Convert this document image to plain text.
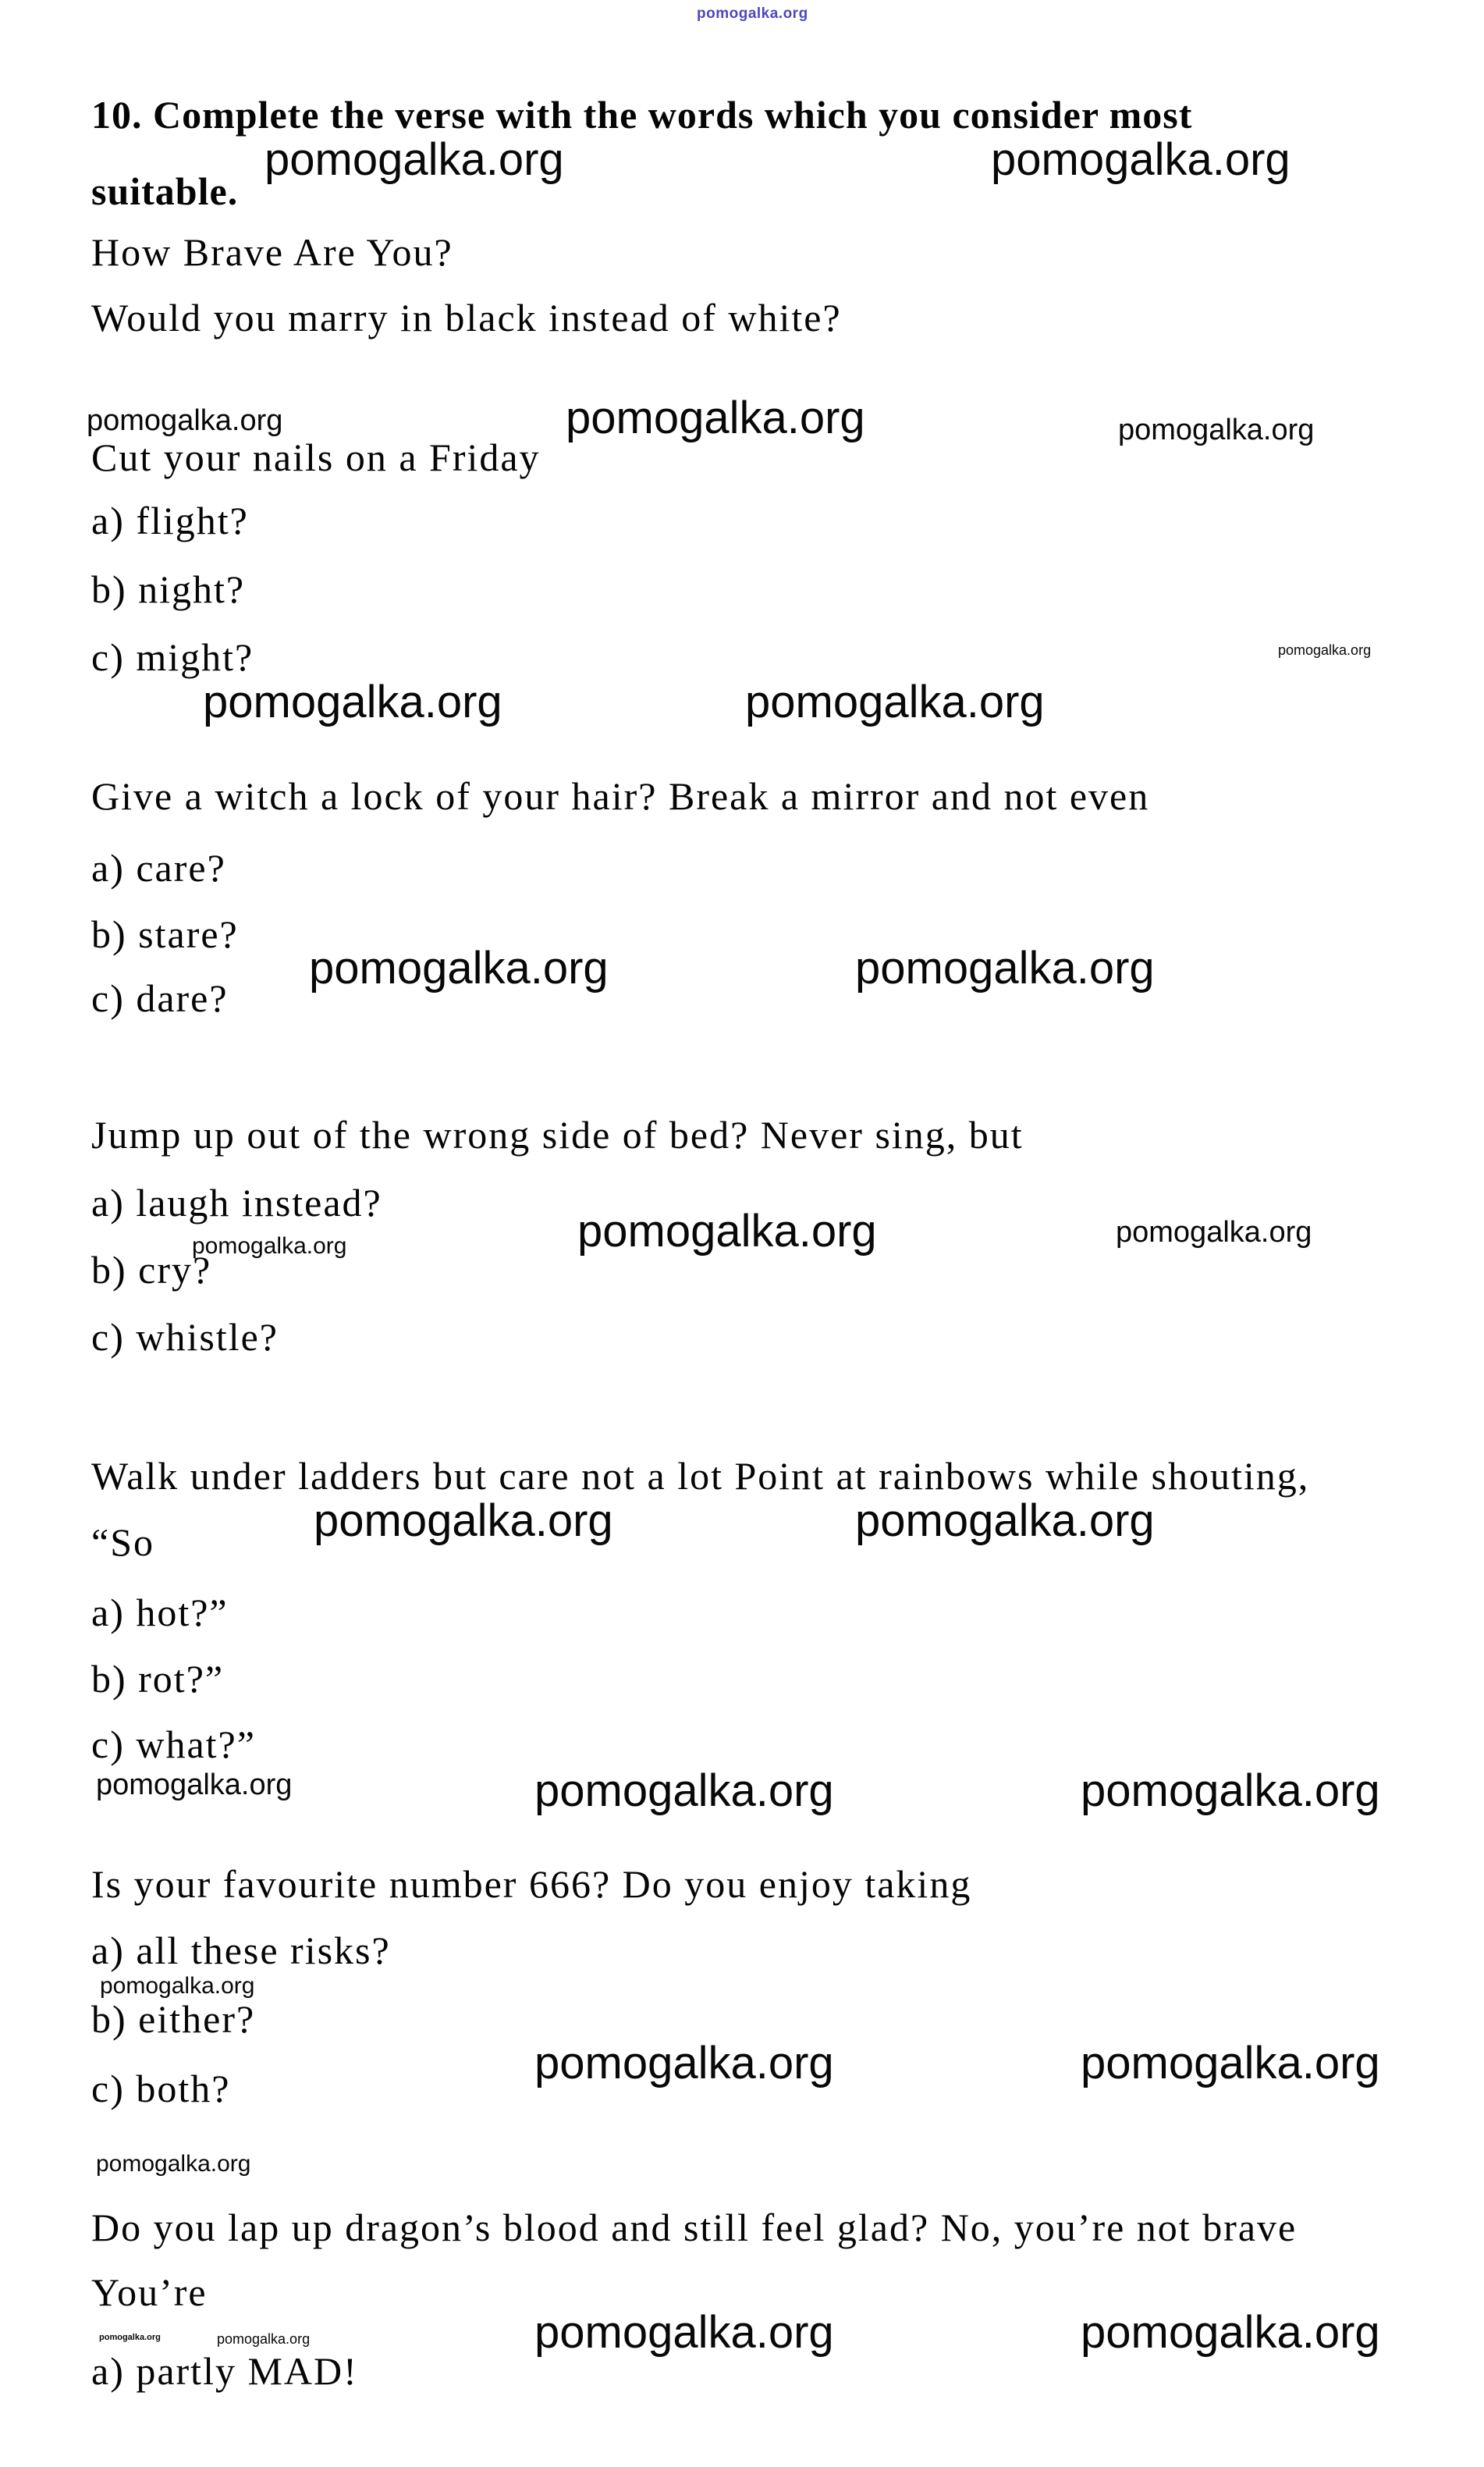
pomogalka.org
10. Complete the verse with the words which you consider most
pomogalka.org	pomogalka.org
suitable.
How Brave Are You?
Would you marry in black instead of white?
pomogalka.org	pomogalka.org	pomogalka.org
Cut your nails on a Friday
a) flight?
b) night?
c) might?	pomogalka.org
pomogalka.org	pomogalka.org
Give a witch a lock of your hair? Break a mirror and not even
a) care?
b) stare?
pomogalka.org	pomogalka.org
c) dare?
Jump up out of the wrong side of bed? Never sing, but
a) laugh instead?
pomogalka.org	pomogalka.org	pomogalka.org
b) cry?
c) whistle?
Walk under ladders but care not a lot Point at rainbows while shouting,
pomogalka.org	pomogalka.org
“So
a) hot?”
b) rot?”
c) what?”
pomogalka.org	pomogalka.org	pomogalka.org
Is your favourite number 666? Do you enjoy taking
a) all these risks?
pomogalka.org
b) either?
pomogalka.org	pomogalka.org
c) both?
pomogalka.org
Do you lap up dragon’s blood and still feel glad? No, you’re not brave
You’re
pomogalka.org	pomogalka.org	pomogalka.org	pomogalka.org
a) partly MAD!
